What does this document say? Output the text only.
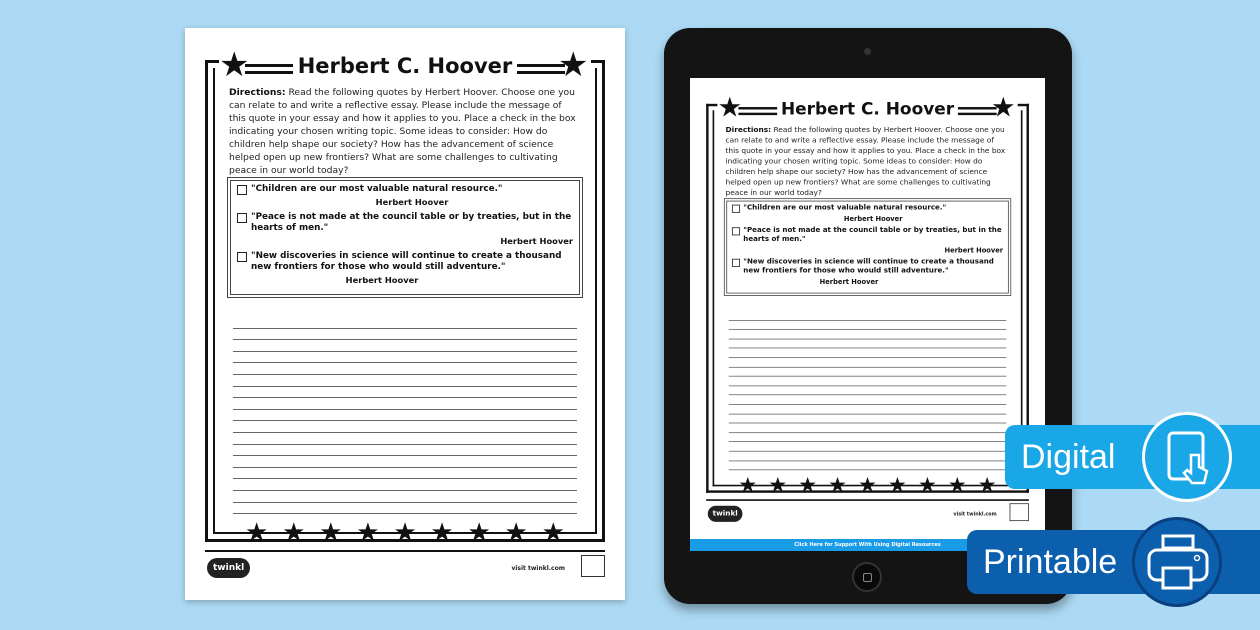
★	★
Herbert C. Hoover
Directions: Read the following quotes by Herbert Hoover. Choose one you can relate to and write a reflective essay. Please include the message of this quote in your essay and how it applies to you. Place a check in the box indicating your chosen writing topic. Some ideas to consider: How do children help shape our society? How has the advancement of science helped open up new frontiers? What are some challenges to cultivating peace in our world today?
"Children are our most valuable natural resource."
Herbert Hoover
"Peace is not made at the council table or by treaties, but in the hearts of men."
Herbert Hoover
"New discoveries in science will continue to create a thousand new frontiers for those who would still adventure."
Herbert Hoover
★ ★ ★ ★ ★ ★ ★ ★ ★
twinkl	visit twinkl.com
★	★
Herbert C. Hoover
Directions: Read the following quotes by Herbert Hoover. Choose one you can relate to and write a reflective essay. Please include the message of this quote in your essay and how it applies to you. Place a check in the box indicating your chosen writing topic. Some ideas to consider: How do children help shape our society? How has the advancement of science helped open up new frontiers? What are some challenges to cultivating peace in our world today?
"Children are our most valuable natural resource."
Herbert Hoover
"Peace is not made at the council table or by treaties, but in the hearts of men."
Herbert Hoover
"New discoveries in science will continue to create a thousand new frontiers for those who would still adventure."
Herbert Hoover
★ ★ ★ ★ ★ ★ ★ ★ ★
twinkl	visit twinkl.com
Click Here for Support With Using Digital Resources
Digital
Printable
